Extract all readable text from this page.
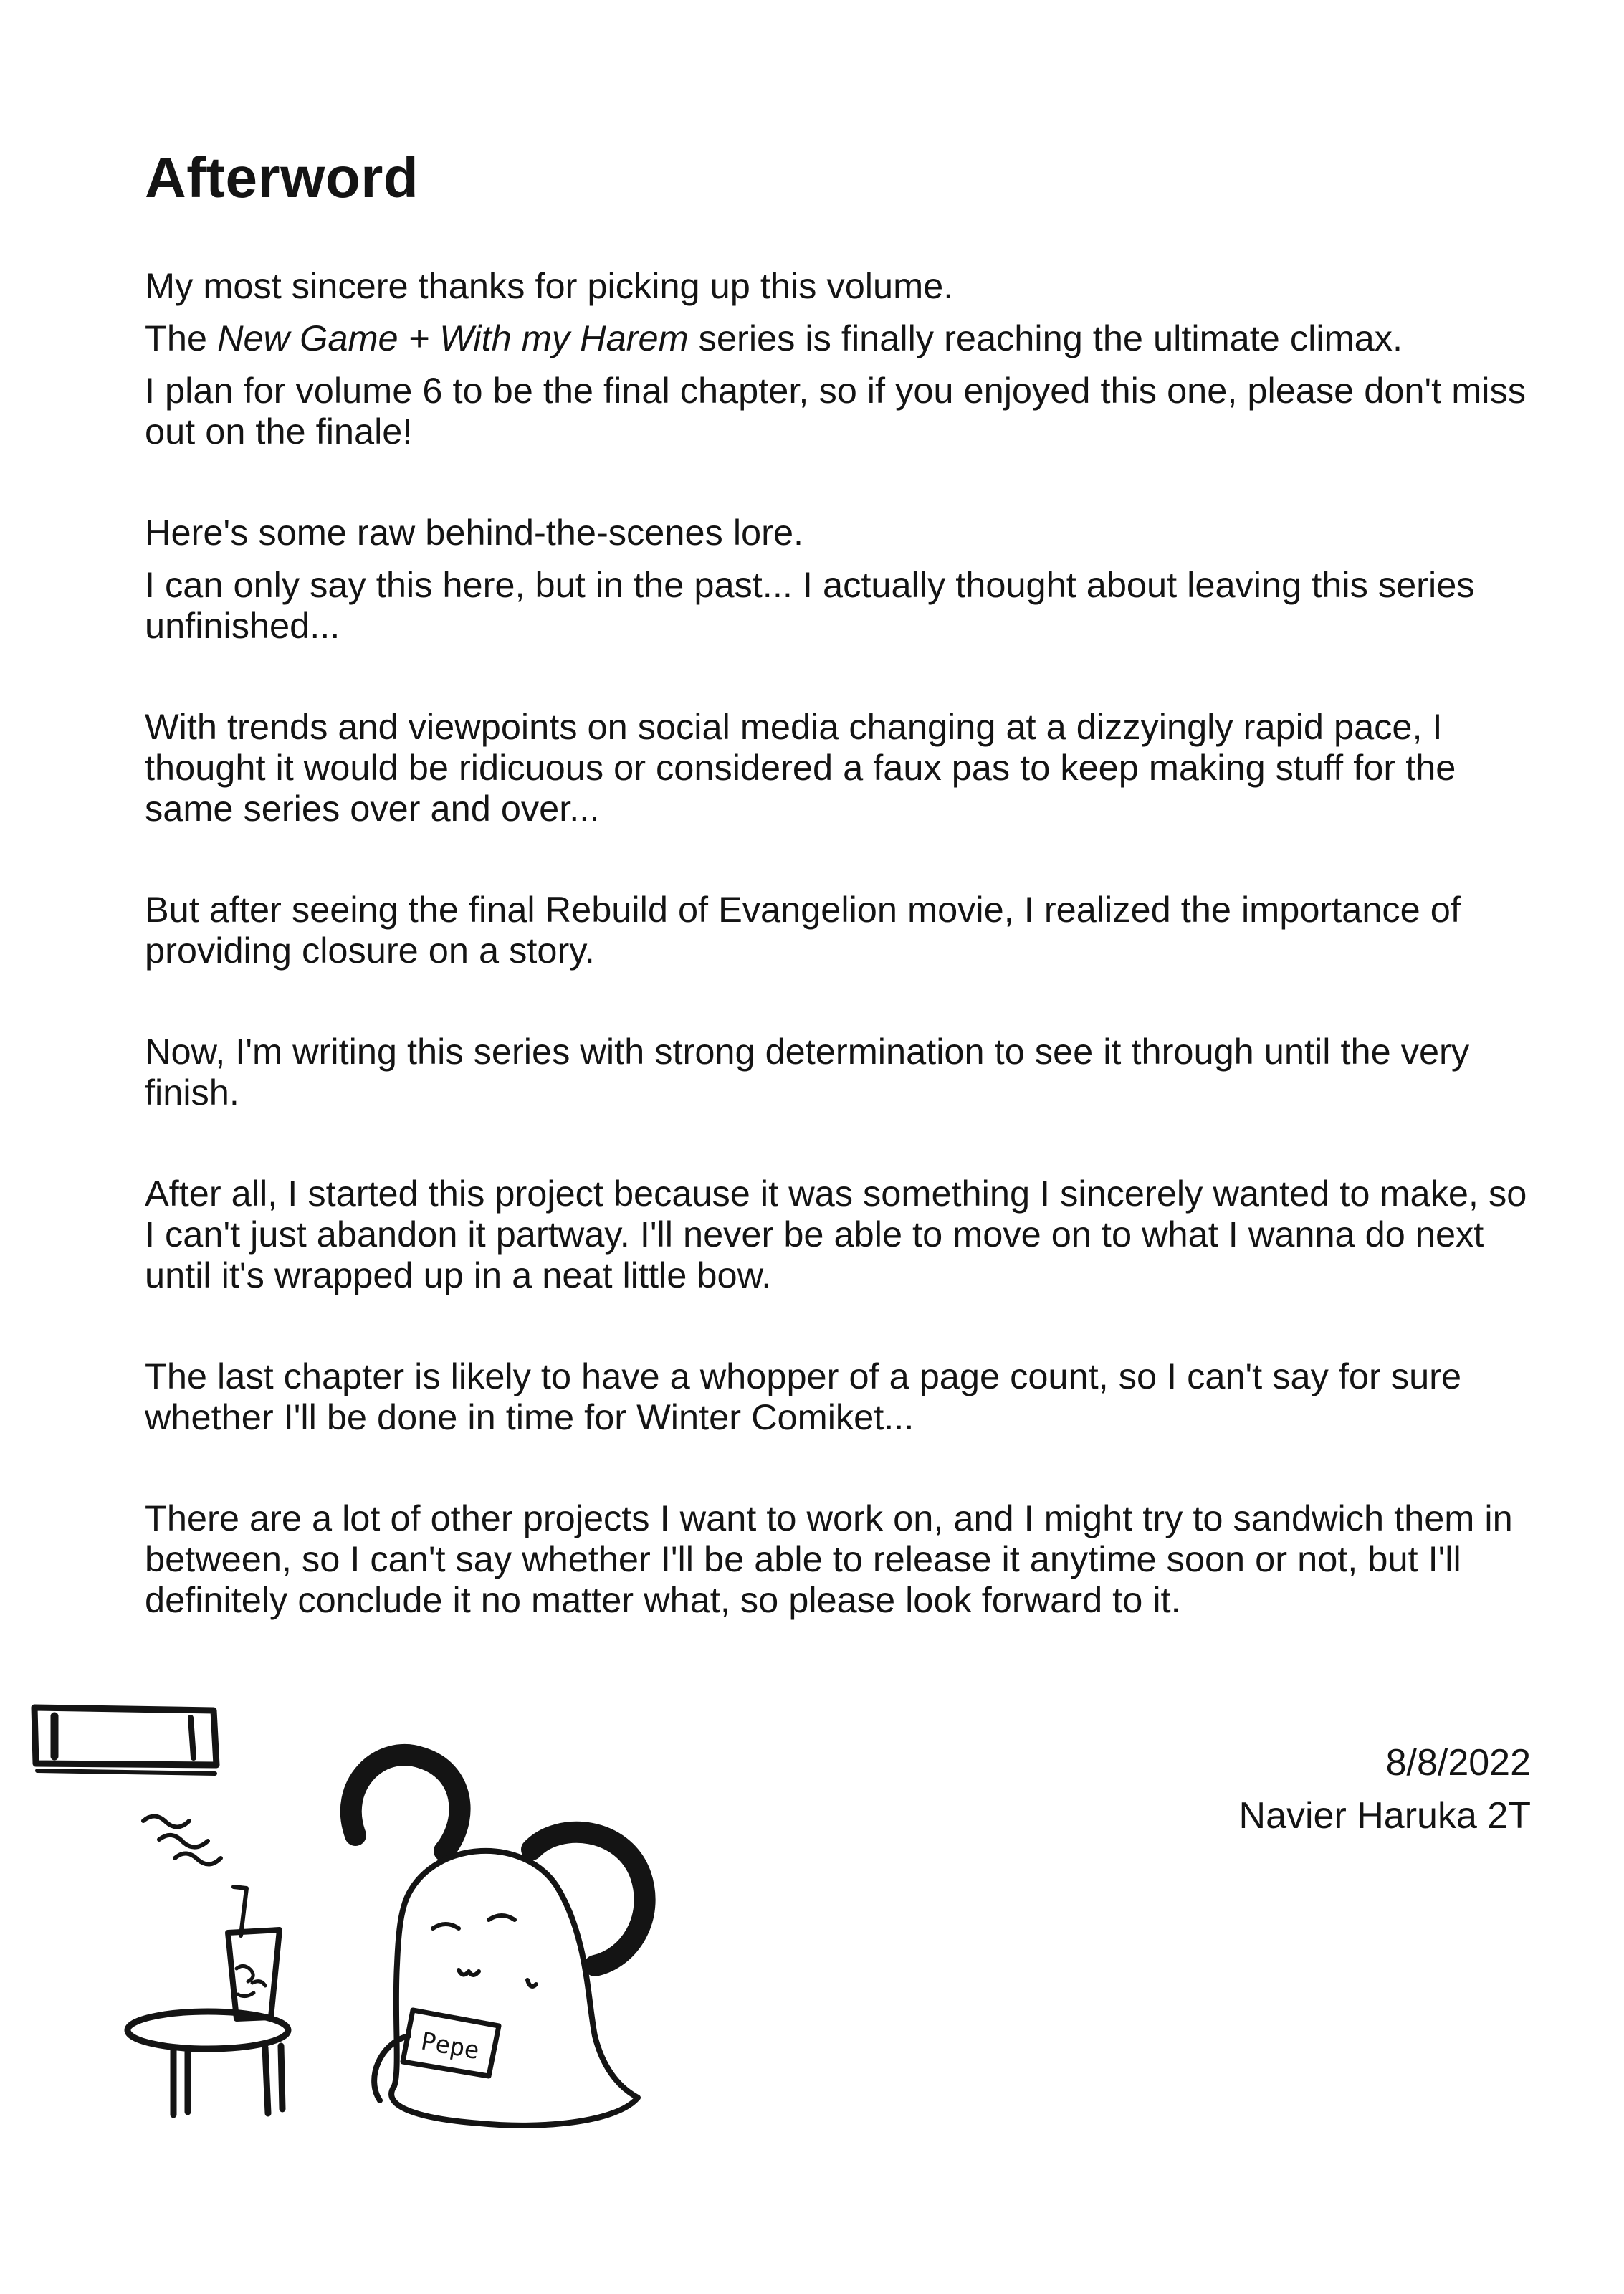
Afterword

My most sincere thanks for picking up this volume.

The New Game + With my Harem series is finally reaching the ultimate climax.

I plan for volume 6 to be the final chapter, so if you enjoyed this one, please don't miss out on the finale!

Here's some raw behind-the-scenes lore.

I can only say this here, but in the past... I actually thought about leaving this series unfinished...

With trends and viewpoints on social media changing at a dizzyingly rapid pace, I thought it would be ridicuous or considered a faux pas to keep making stuff for the same series over and over...

But after seeing the final Rebuild of Evangelion movie, I realized the importance of providing closure on a story.

Now, I'm writing this series with strong determination to see it through until the very finish.

After all, I started this project because it was something I sincerely wanted to make, so I can't just abandon it partway. I'll never be able to move on to what I wanna do next until it's wrapped up in a neat little bow.

The last chapter is likely to have a whopper of a page count, so I can't say for sure whether I'll be done in time for Winter Comiket...

There are a lot of other projects I want to work on, and I might try to sandwich them in between, so I can't say whether I'll be able to release it anytime soon or not, but I'll definitely conclude it no matter what, so please look forward to it.

8/8/2022
Navier Haruka 2T
Pepe
